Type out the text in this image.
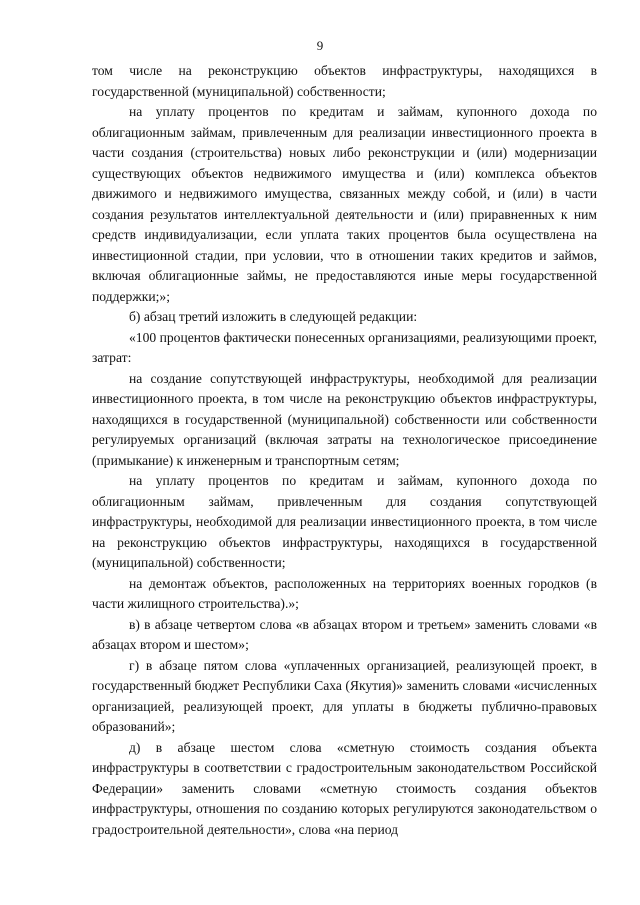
9

том числе на реконструкцию объектов инфраструктуры, находящихся в государственной (муниципальной) собственности;

на уплату процентов по кредитам и займам, купонного дохода по облигационным займам, привлеченным для реализации инвестиционного проекта в части создания (строительства) новых либо реконструкции и (или) модернизации существующих объектов недвижимого имущества и (или) комплекса объектов движимого и недвижимого имущества, связанных между собой, и (или) в части создания результатов интеллектуальной деятельности и (или) приравненных к ним средств индивидуализации, если уплата таких процентов была осуществлена на инвестиционной стадии, при условии, что в отношении таких кредитов и займов, включая облигационные займы, не предоставляются иные меры государственной поддержки;»;

б) абзац третий изложить в следующей редакции:

«100 процентов фактически понесенных организациями, реализующими проект, затрат:

на создание сопутствующей инфраструктуры, необходимой для реализации инвестиционного проекта, в том числе на реконструкцию объектов инфраструктуры, находящихся в государственной (муниципальной) собственности или собственности регулируемых организаций (включая затраты на технологическое присоединение (примыкание) к инженерным и транспортным сетям;

на уплату процентов по кредитам и займам, купонного дохода по облигационным займам, привлеченным для создания сопутствующей инфраструктуры, необходимой для реализации инвестиционного проекта, в том числе на реконструкцию объектов инфраструктуры, находящихся в государственной (муниципальной) собственности;

на демонтаж объектов, расположенных на территориях военных городков (в части жилищного строительства).»;

в) в абзаце четвертом слова «в абзацах втором и третьем» заменить словами «в абзацах втором и шестом»;

г) в абзаце пятом слова «уплаченных организацией, реализующей проект, в государственный бюджет Республики Саха (Якутия)» заменить словами «исчисленных организацией, реализующей проект, для уплаты в бюджеты публично-правовых образований»;

д) в абзаце шестом слова «сметную стоимость создания объекта инфраструктуры в соответствии с градостроительным законодательством Российской Федерации» заменить словами «сметную стоимость создания объектов инфраструктуры, отношения по созданию которых регулируются законодательством о градостроительной деятельности», слова «на период
